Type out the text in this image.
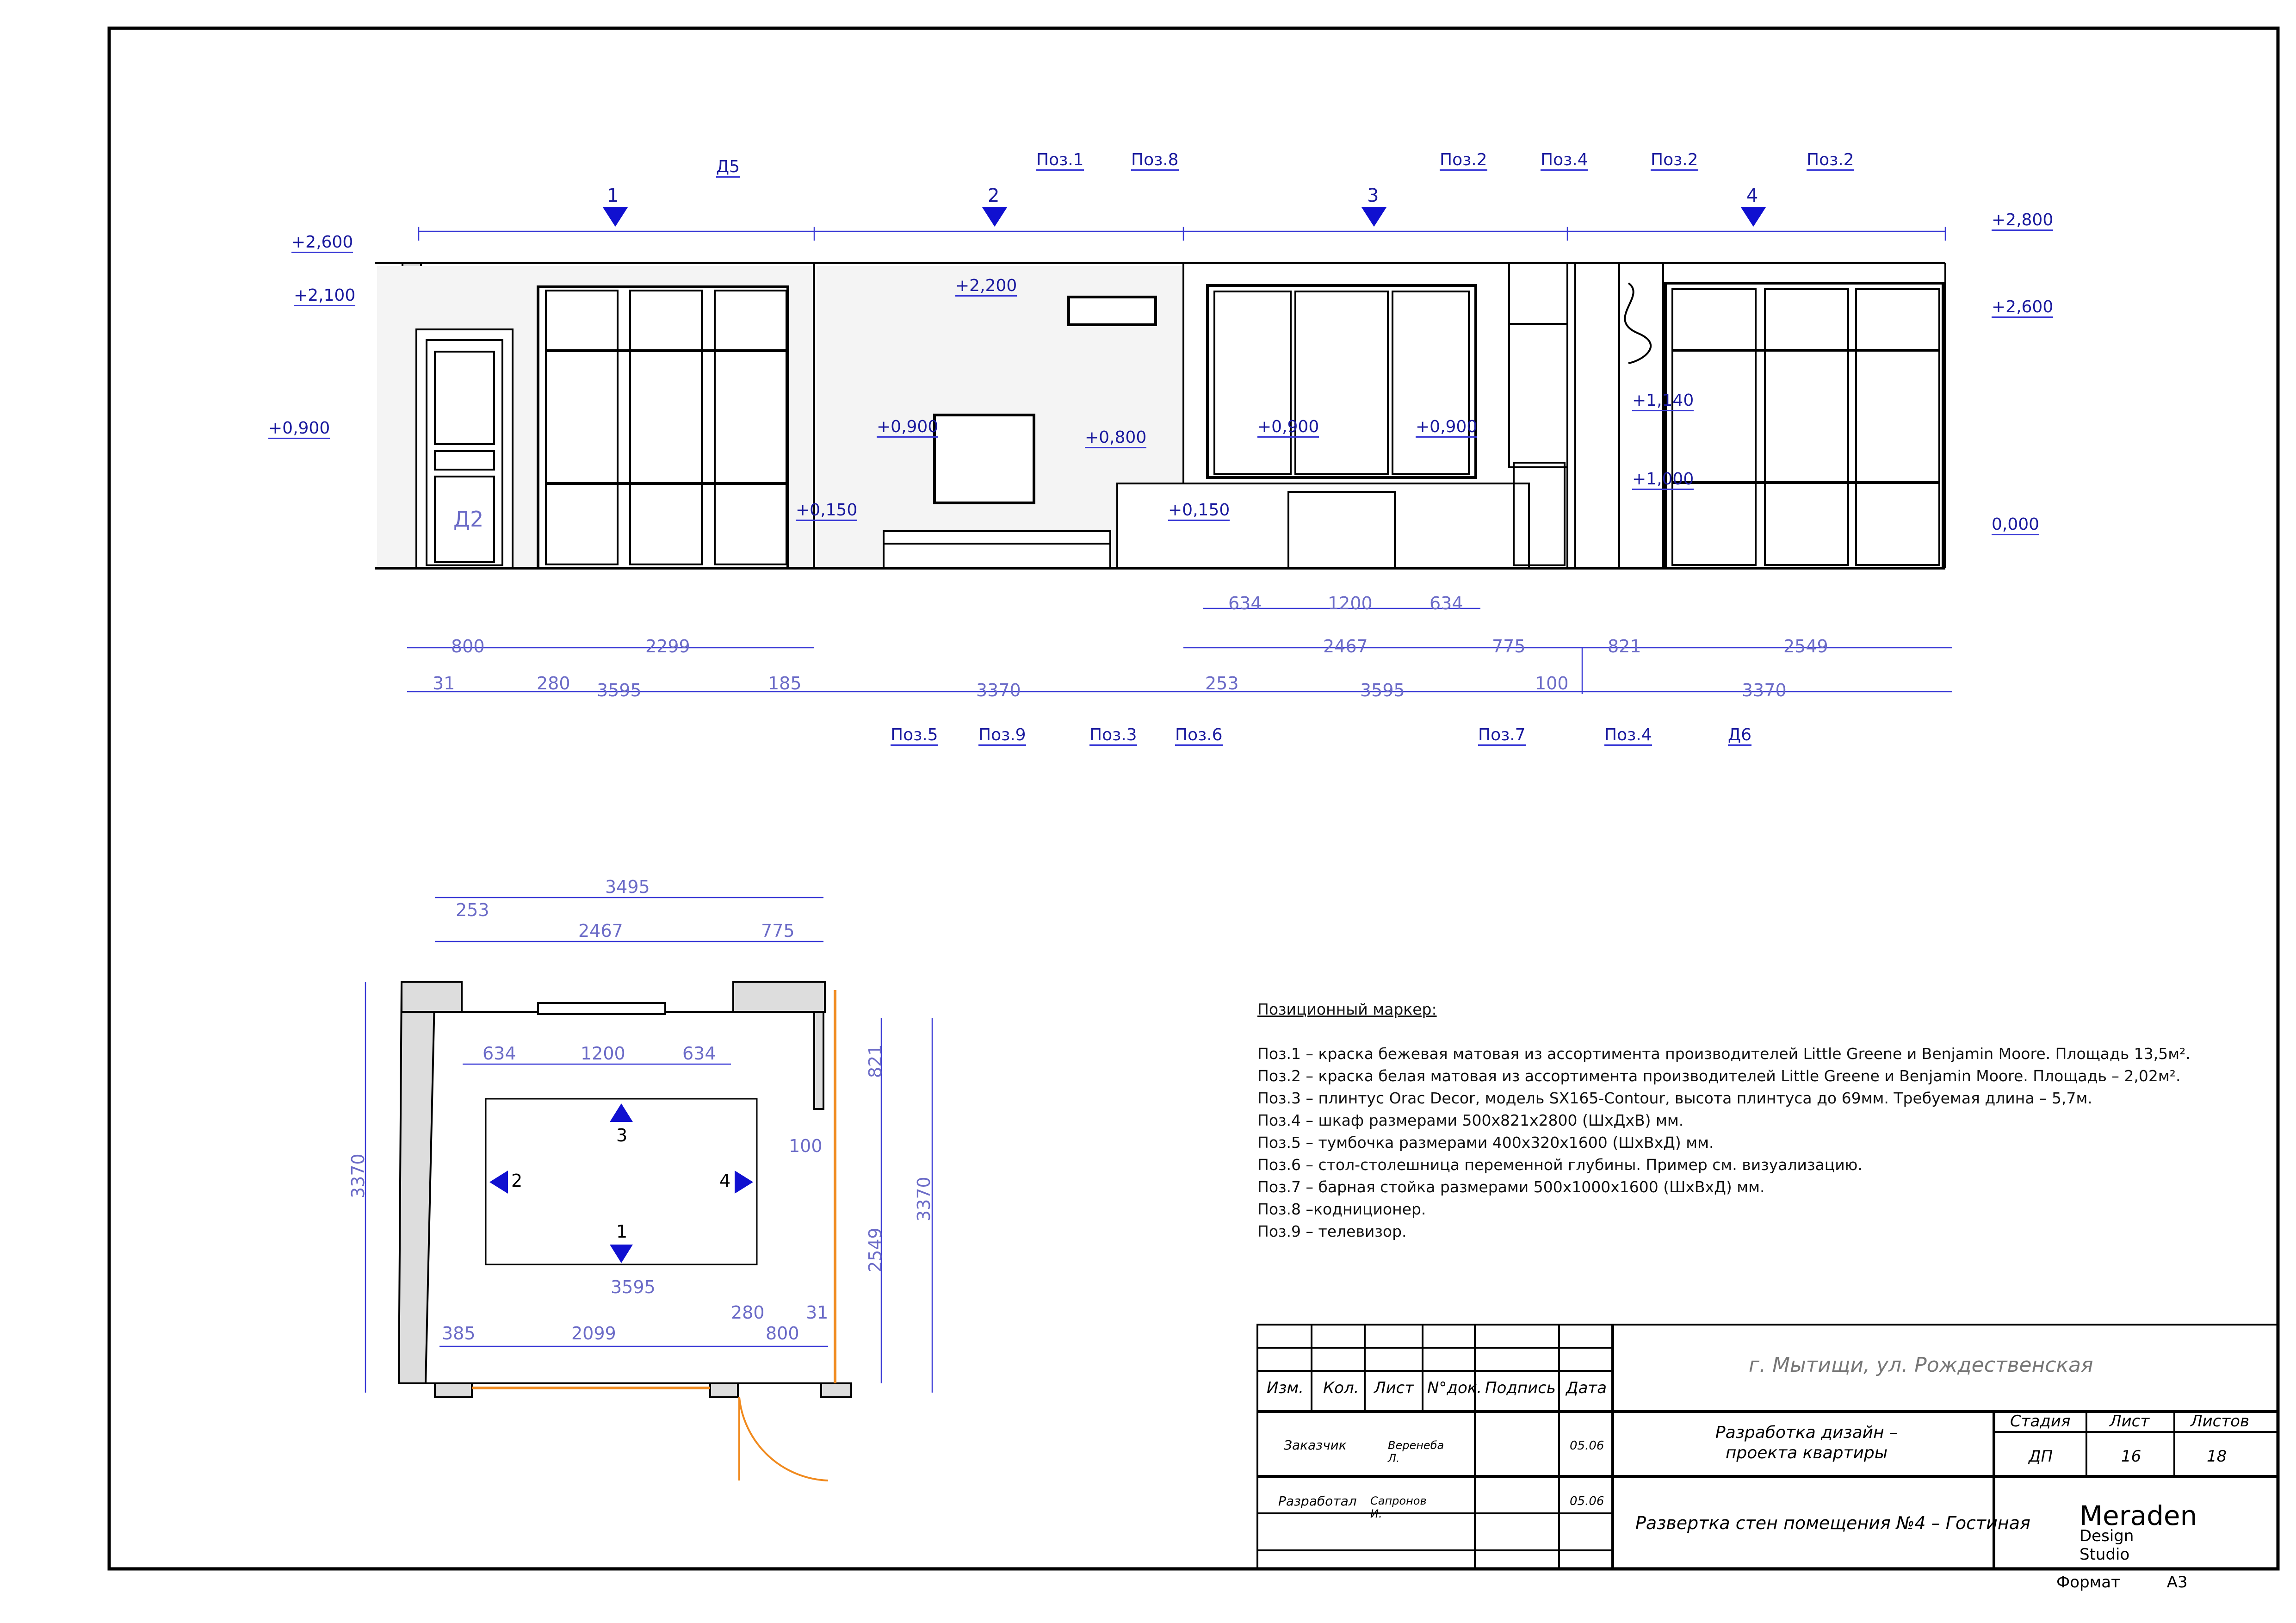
1	2	3	4
+2,600
+2,100
+0,900
+2,200
+0,900
+0,800
+0,150	+0,150
+0,900	+0,900
+1,140
+1,000
+2,800
+2,600
0,000
Д5	Поз.1	Поз.8	Поз.2	Поз.4	Поз.2	Поз.2
Поз.5 Поз.9	Поз.3 Поз.6	Поз.7	Поз.4	Д6
Д2
800	2299
634	1200	634
2467	775	821	2549
31	280	185
3595	3370	253	3595	100	3370
3495
253
2467	775
634	1200	634
3370
821
2549
3370
100
31
385	2099
280
800
3595
3
2	4
1
Позиционный маркер:
Поз.1 – краска бежевая матовая из ассортимента производителей Little Greene и Benjamin Moore. Площадь 13,5м².
Поз.2 – краска белая матовая из ассортимента производителей Little Greene и Benjamin Moore. Площадь – 2,02м².
Поз.3 – плинтус Orac Decor, модель SX165-Contour, высота плинтуса до 69мм. Требуемая длина – 5,7м.
Поз.4 – шкаф размерами 500х821х2800 (ШхДхВ) мм.
Поз.5 – тумбочка размерами 400х320х1600 (ШхВхД) мм.
Поз.6 – стол-столешница переменной глубины. Пример см. визуализацию.
Поз.7 – барная стойка размерами 500х1000х1600 (ШхВхД) мм.
Поз.8 –кодниционер.
Поз.9 – телевизор.
г. Мытищи, ул. Рождественская
Изм. Кол. Лист N°док. Подпись Дата
Заказчик	Веренеба Л.
05.06
Разработал Сапронов И.
05.06
Разработка дизайн – проекта квартиры
Развертка стен помещения №4 – Гостиная
Стадия Лист	Листов
ДП	16	18
Meraden
Design Studio
Формат	А3
